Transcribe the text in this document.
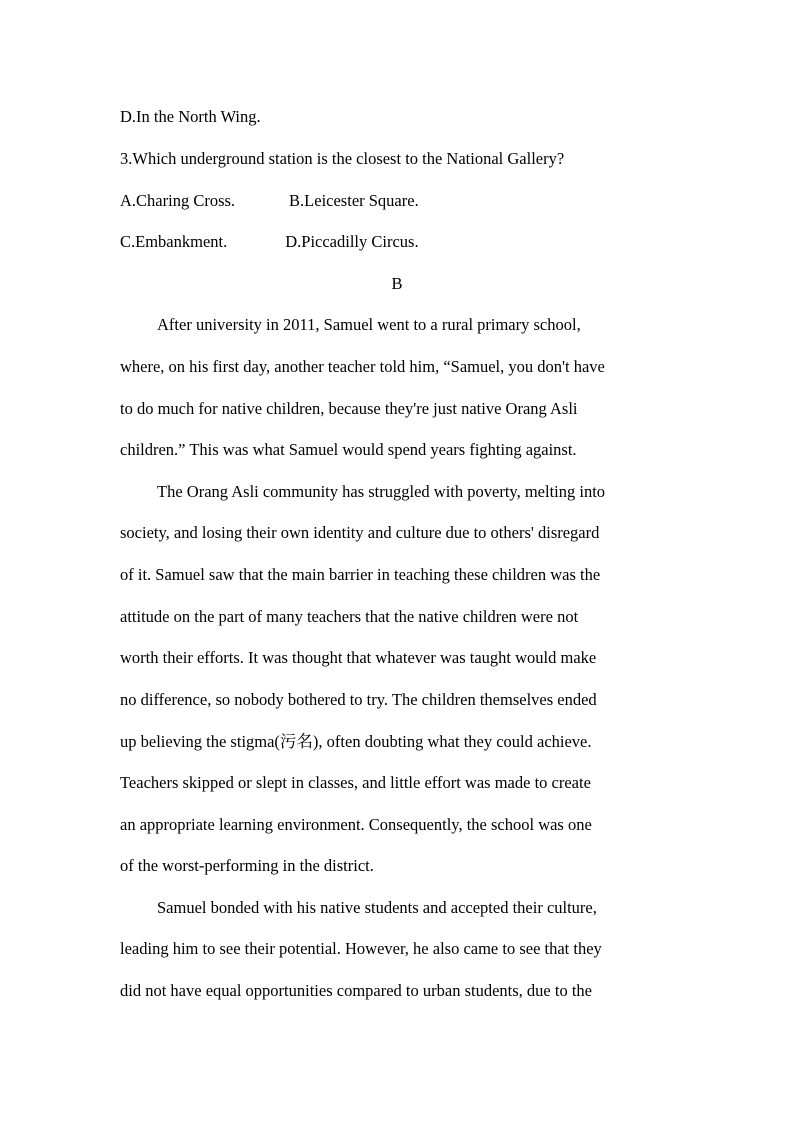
D.In the North Wing.
3.Which underground station is the closest to the National Gallery?
A.Charing Cross.	B.Leicester Square.
C.Embankment.	D.Piccadilly Circus.
B
After university in 2011, Samuel went to a rural primary school,
where, on his first day, another teacher told him, “Samuel, you don't have
to do much for native children, because they're just native Orang Asli
children.” This was what Samuel would spend years fighting against.
The Orang Asli community has struggled with poverty, melting into
society, and losing their own identity and culture due to others' disregard
of it. Samuel saw that the main barrier in teaching these children was the
attitude on the part of many teachers that the native children were not
worth their efforts. It was thought that whatever was taught would make
no difference, so nobody bothered to try. The children themselves ended
up believing the stigma(污名), often doubting what they could achieve.
Teachers skipped or slept in classes, and little effort was made to create
an appropriate learning environment. Consequently, the school was one
of the worst-performing in the district.
Samuel bonded with his native students and accepted their culture,
leading him to see their potential. However, he also came to see that they
did not have equal opportunities compared to urban students, due to the
